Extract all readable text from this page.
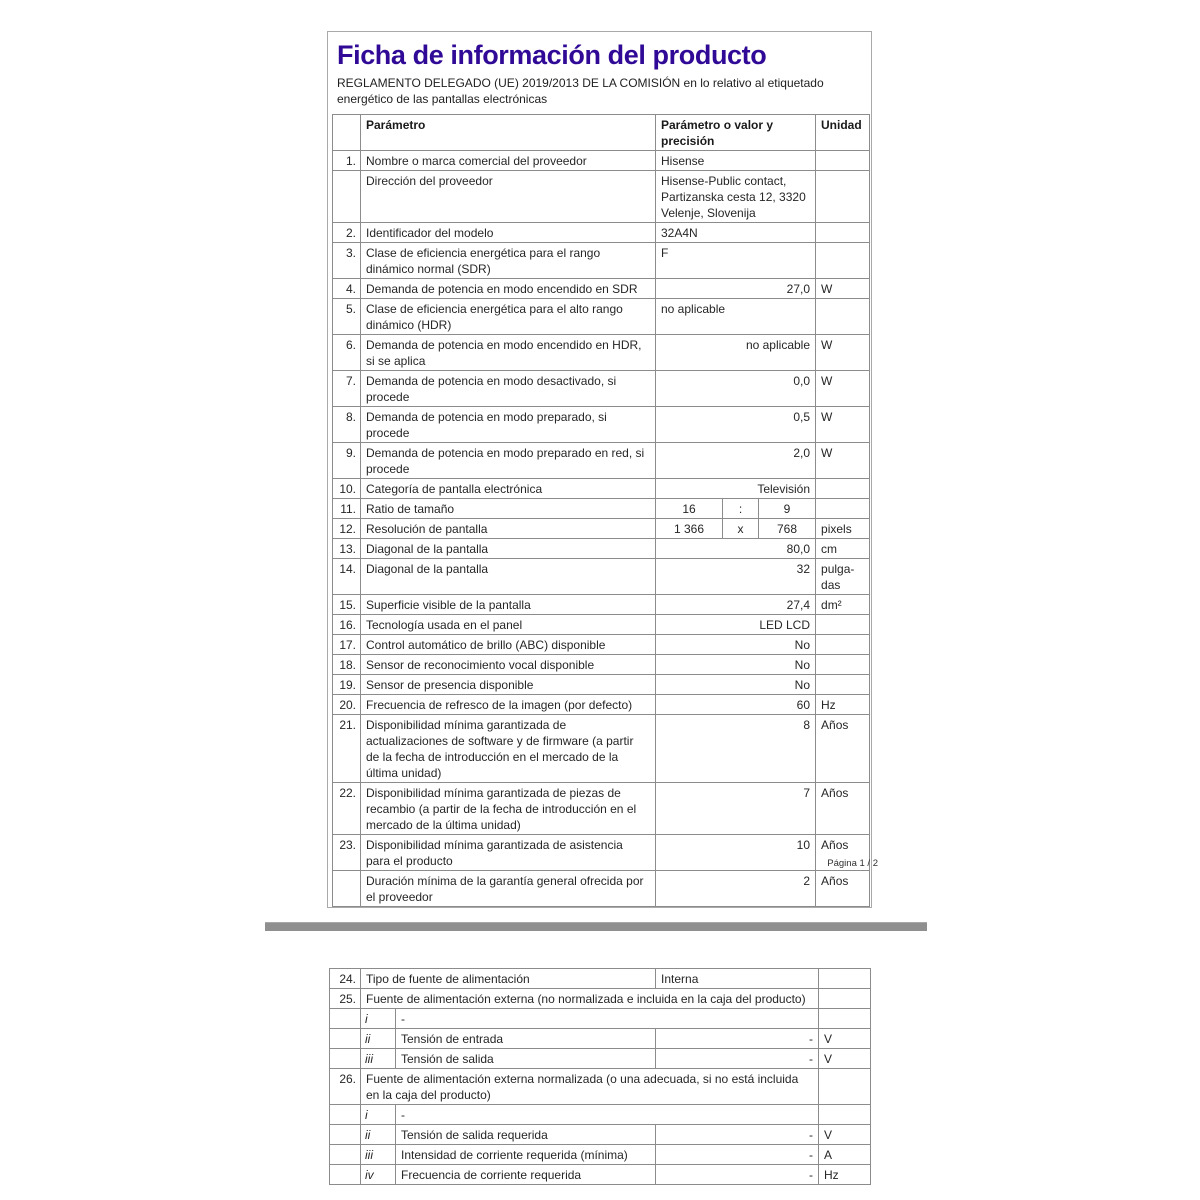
Ficha de información del producto
REGLAMENTO DELEGADO (UE) 2019/2013 DE LA COMISIÓN en lo relativo al etiquetado energético de las pantallas electrónicas
	Parámetro	Parámetro o valor y precisión			Unidad
1.	Nombre o marca comercial del proveedor	Hisense			
	Dirección del proveedor	Hisense-Public contact, Partizanska cesta 12, 3320 Velenje, Slovenija			
2.	Identificador del modelo	32A4N			
3.	Clase de eficiencia energética para el rango dinámico normal (SDR)	F			
4.	Demanda de potencia en modo encendido en SDR	27,0			W
5.	Clase de eficiencia energética para el alto rango dinámico (HDR)	no aplicable			
6.	Demanda de potencia en modo encendido en HDR, si se aplica	no aplicable			W
7.	Demanda de potencia en modo desactivado, si procede	0,0			W
8.	Demanda de potencia en modo preparado, si procede	0,5			W
9.	Demanda de potencia en modo preparado en red, si procede	2,0			W
10.	Categoría de pantalla electrónica	Televisión			
11.	Ratio de tamaño	16	:	9	
12.	Resolución de pantalla	1 366	x	768	pixels
13.	Diagonal de la pantalla	80,0			cm
14.	Diagonal de la pantalla	32			pulga-das
15.	Superficie visible de la pantalla	27,4			dm²
16.	Tecnología usada en el panel	LED LCD			
17.	Control automático de brillo (ABC) disponible	No			
18.	Sensor de reconocimiento vocal disponible	No			
19.	Sensor de presencia disponible	No			
20.	Frecuencia de refresco de la imagen (por defecto)	60			Hz
21.	Disponibilidad mínima garantizada de actualizaciones de software y de firmware (a partir de la fecha de introducción en el mercado de la última unidad)	8			Años
22.	Disponibilidad mínima garantizada de piezas de recambio (a partir de la fecha de introducción en el mercado de la última unidad)	7			Años
23.	Disponibilidad mínima garantizada de asistencia para el producto	10			Años
	Duración mínima de la garantía general ofrecida por el proveedor	2			Años
Página 1 / 2
24.	Tipo de fuente de alimentación		Interna	
25.	Fuente de alimentación externa (no normalizada e incluida en la caja del producto)			
	i	-		
	ii	Tensión de entrada	-	V
	iii	Tensión de salida	-	V
26.	Fuente de alimentación externa normalizada (o una adecuada, si no está incluida en la caja del producto)			
	i	-		
	ii	Tensión de salida requerida	-	V
	iii	Intensidad de corriente requerida (mínima)	-	A
	iv	Frecuencia de corriente requerida	-	Hz
